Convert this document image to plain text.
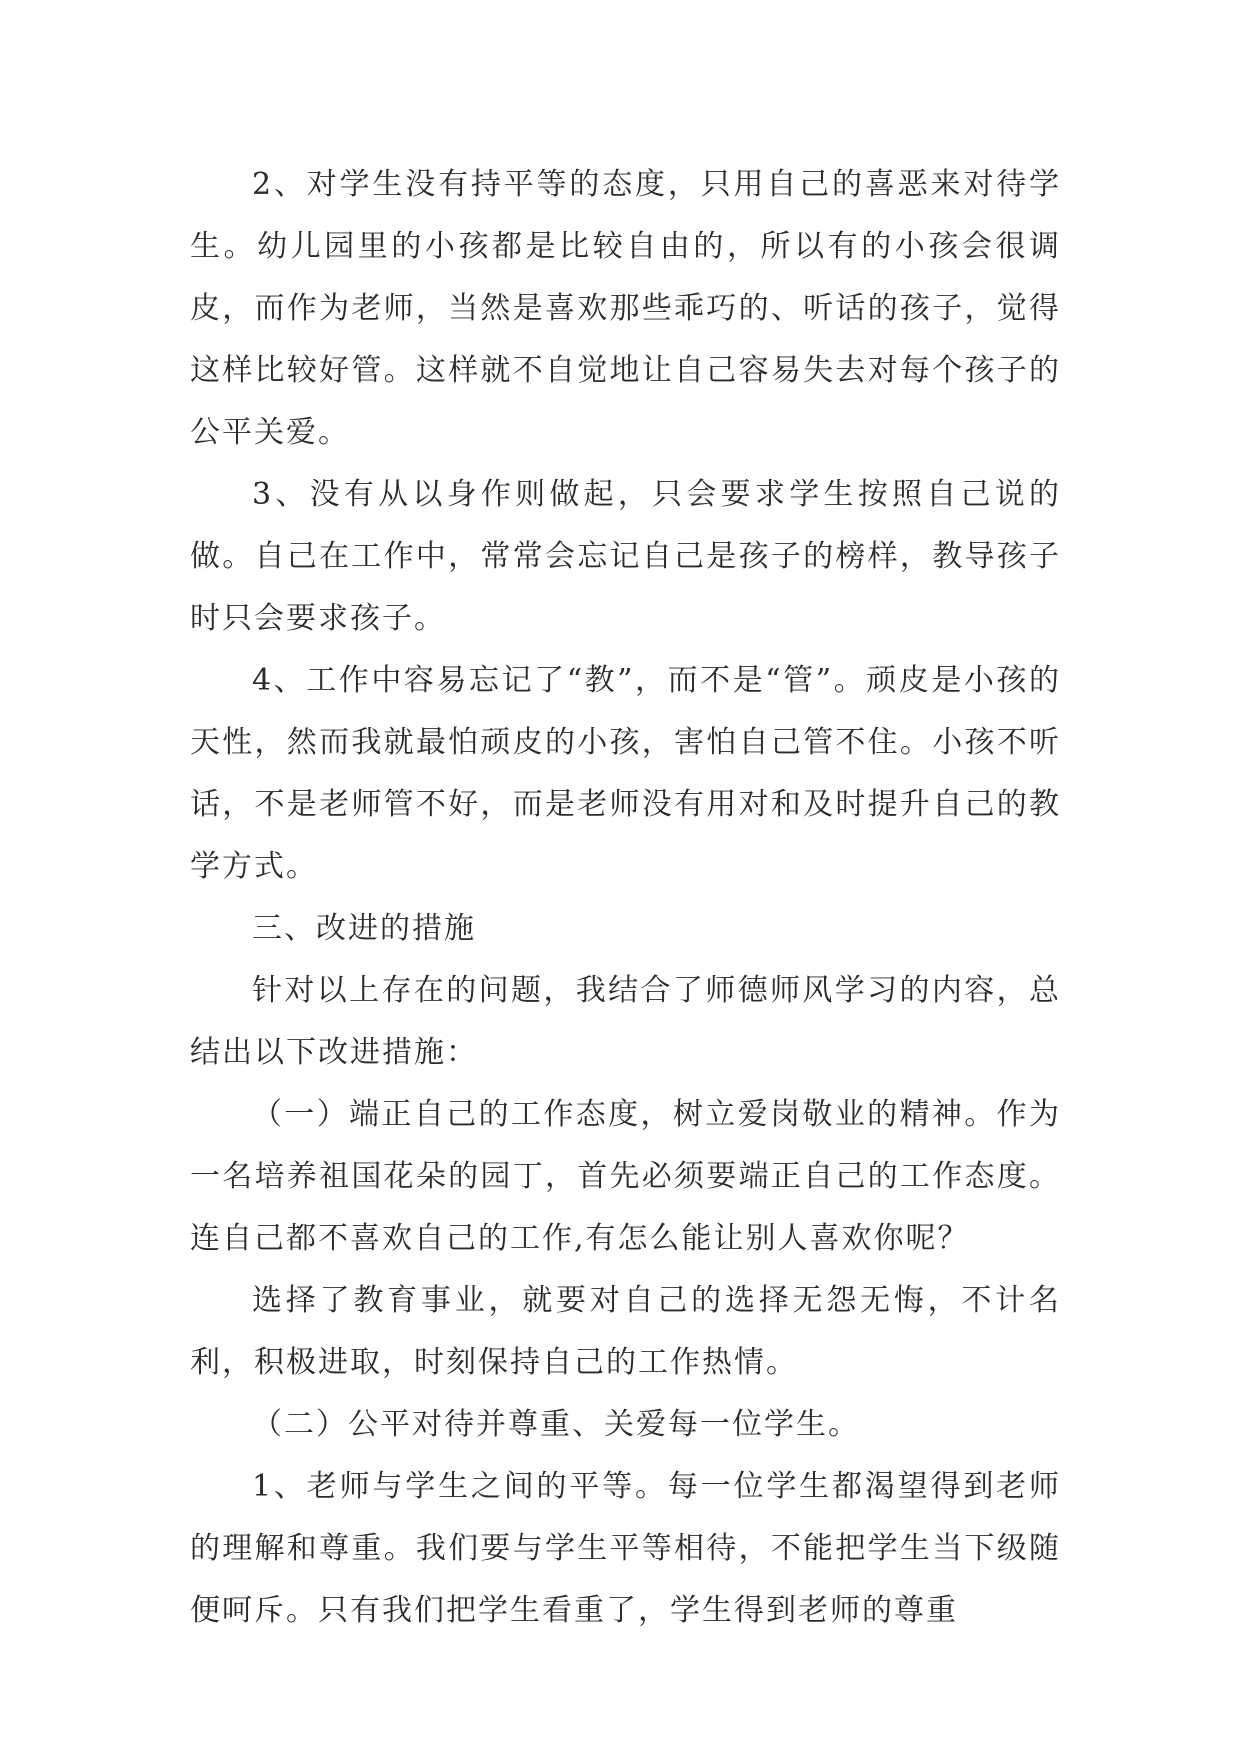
2、对学生没有持平等的态度，只用自己的喜恶来对待学生。幼儿园里的小孩都是比较自由的，所以有的小孩会很调皮，而作为老师，当然是喜欢那些乖巧的、听话的孩子，觉得这样比较好管。这样就不自觉地让自己容易失去对每个孩子的公平关爱。

3、没有从以身作则做起，只会要求学生按照自己说的做。自己在工作中，常常会忘记自己是孩子的榜样，教导孩子时只会要求孩子。

4、工作中容易忘记了“教”，而不是“管”。顽皮是小孩的天性，然而我就最怕顽皮的小孩，害怕自己管不住。小孩不听话，不是老师管不好，而是老师没有用对和及时提升自己的教学方式。

三、改进的措施

针对以上存在的问题，我结合了师德师风学习的内容，总结出以下改进措施：

（一）端正自己的工作态度，树立爱岗敬业的精神。作为一名培养祖国花朵的园丁，首先必须要端正自己的工作态度。连自己都不喜欢自己的工作,有怎么能让别人喜欢你呢？

选择了教育事业，就要对自己的选择无怨无悔，不计名利，积极进取，时刻保持自己的工作热情。

（二）公平对待并尊重、关爱每一位学生。

1、老师与学生之间的平等。每一位学生都渴望得到老师的理解和尊重。我们要与学生平等相待，不能把学生当下级随便呵斥。只有我们把学生看重了，学生得到老师的尊重
